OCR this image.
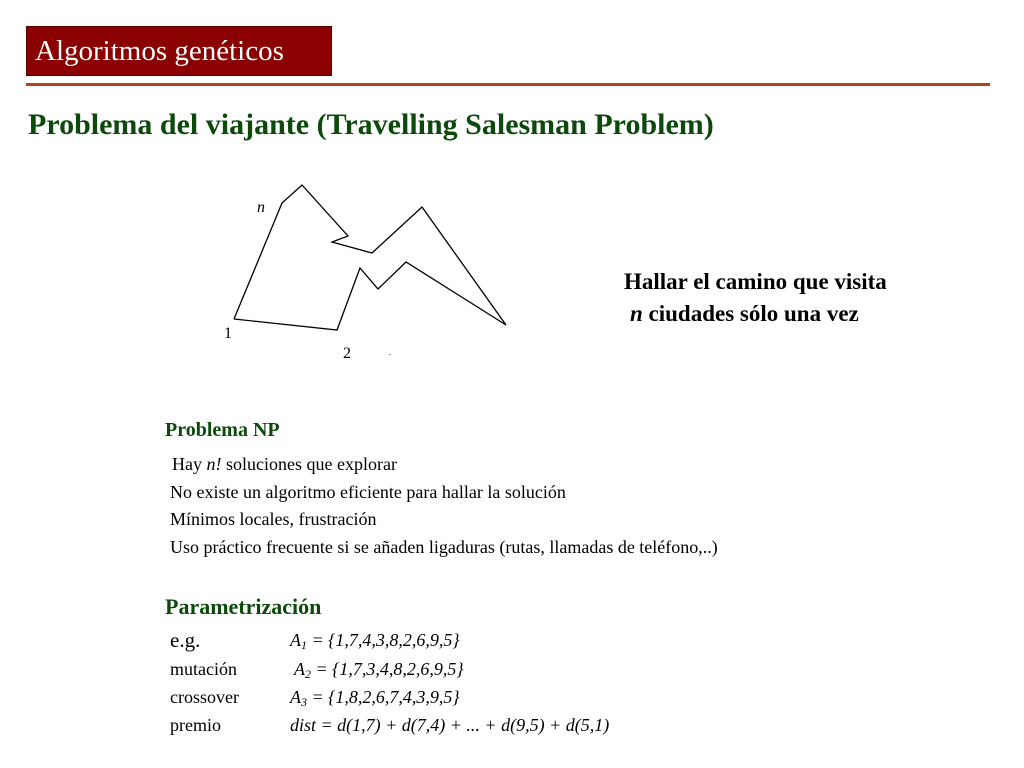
Algoritmos genéticos
Problema del viajante (Travelling Salesman Problem)
n
1
2	.
Hallar el camino que visita
n ciudades sólo una vez
Problema NP
Hay n! soluciones que explorar
No existe un algoritmo eficiente para hallar la solución
Mínimos locales, frustración
Uso práctico frecuente si se añaden ligaduras (rutas, llamadas de teléfono,..)
Parametrización
e.g.	$A_1 = \{1,7,4,3,8,2,6,9,5\}$
mutación	$A_2 = \{1,7,3,4,8,2,6,9,5\}$
crossover	$A_3 = \{1,8,2,6,7,4,3,9,5\}$
premio	dist = d(1,7) + d(7,4) + ... + d(9,5) + d(5,1)
